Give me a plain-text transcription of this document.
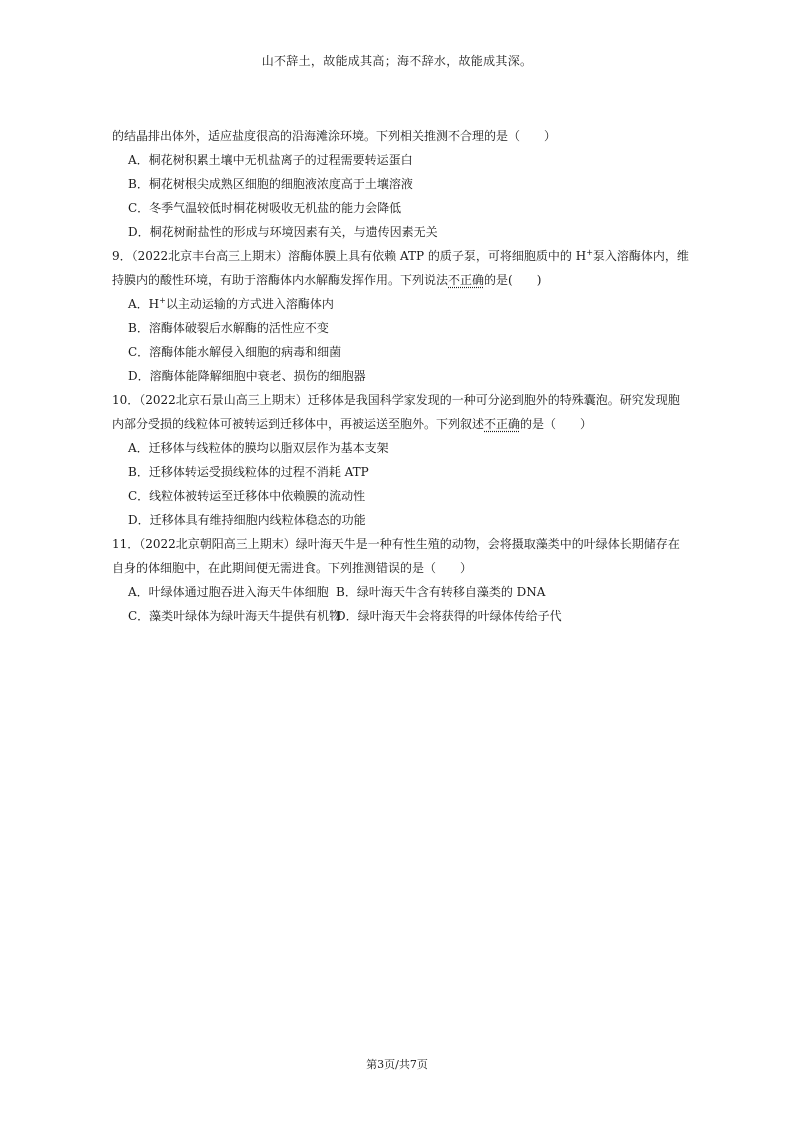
山不辞土，故能成其高；海不辞水，故能成其深。
的结晶排出体外，适应盐度很高的沿海滩涂环境。下列相关推测不合理的是（　　）
A．桐花树积累土壤中无机盐离子的过程需要转运蛋白
B．桐花树根尖成熟区细胞的细胞液浓度高于土壤溶液
C．冬季气温较低时桐花树吸收无机盐的能力会降低
D．桐花树耐盐性的形成与环境因素有关，与遗传因素无关
9．（2022北京丰台高三上期末）溶酶体膜上具有依赖 ATP 的质子泵，可将细胞质中的 H+泵入溶酶体内，维
持膜内的酸性环境，有助于溶酶体内水解酶发挥作用。下列说法不正确的是(　　)
A．H+以主动运输的方式进入溶酶体内
B．溶酶体破裂后水解酶的活性应不变
C．溶酶体能水解侵入细胞的病毒和细菌
D．溶酶体能降解细胞中衰老、损伤的细胞器
10．（2022北京石景山高三上期末）迁移体是我国科学家发现的一种可分泌到胞外的特殊囊泡。研究发现胞
内部分受损的线粒体可被转运到迁移体中，再被运送至胞外。下列叙述不正确的是（　　）
A．迁移体与线粒体的膜均以脂双层作为基本支架
B．迁移体转运受损线粒体的过程不消耗 ATP
C．线粒体被转运至迁移体中依赖膜的流动性
D．迁移体具有维持细胞内线粒体稳态的功能
11．（2022北京朝阳高三上期末）绿叶海天牛是一种有性生殖的动物，会将摄取藻类中的叶绿体长期储存在
自身的体细胞中，在此期间便无需进食。下列推测错误的是（　　）
A．叶绿体通过胞吞进入海天牛体细胞 B．绿叶海天牛含有转移自藻类的 DNA
C．藻类叶绿体为绿叶海天牛提供有机物D．绿叶海天牛会将获得的叶绿体传给子代
第3页/共7页
